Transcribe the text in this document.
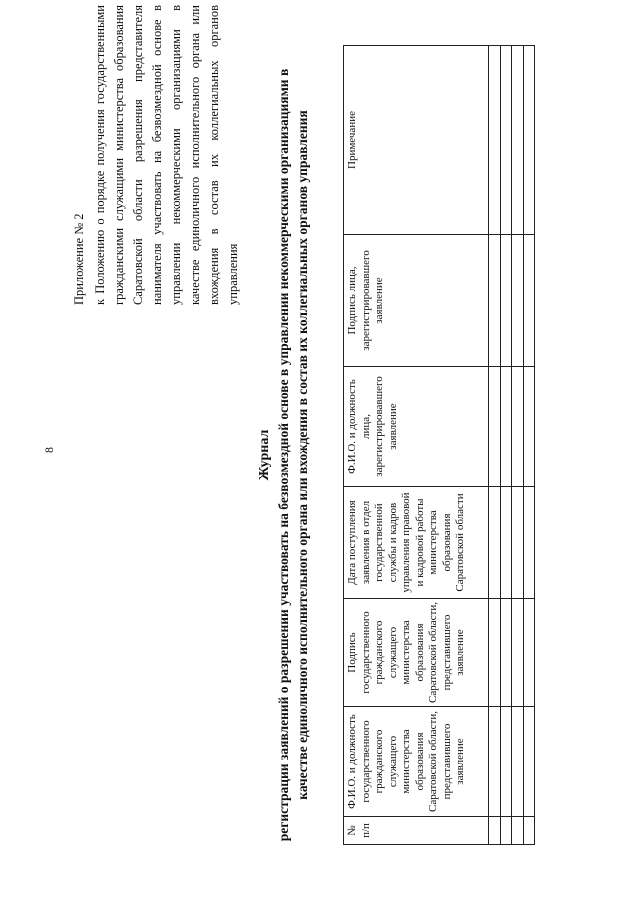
8
Приложение № 2 к Положению о порядке получения государственными гражданскими служащими министерства образования Саратовской области разрешения представителя нанимателя участвовать на безвозмездной основе в управлении некоммерческими организациями в качестве единоличного исполнительного органа или вхождения в состав их коллегиальных органов управления
Журнал регистрации заявлений о разрешении участвовать на безвозмездной основе в управлении некоммерческими организациями в качестве единоличного исполнительного органа или вхождения в состав их коллегиальных органов управления
№ п/п	Ф.И.О. и должность государственного гражданского служащего министерства образования Саратовской области, представившего заявление	Подпись государственного гражданского служащего министерства образования Саратовской области, представившего заявление	Дата поступления заявления в отдел государственной службы и кадров управления правовой и кадровой работы министерства образования Саратовской области	Ф.И.О. и должность лица, зарегистрировавшего заявление	Подпись лица, зарегистрировавшего заявление	Примечание
